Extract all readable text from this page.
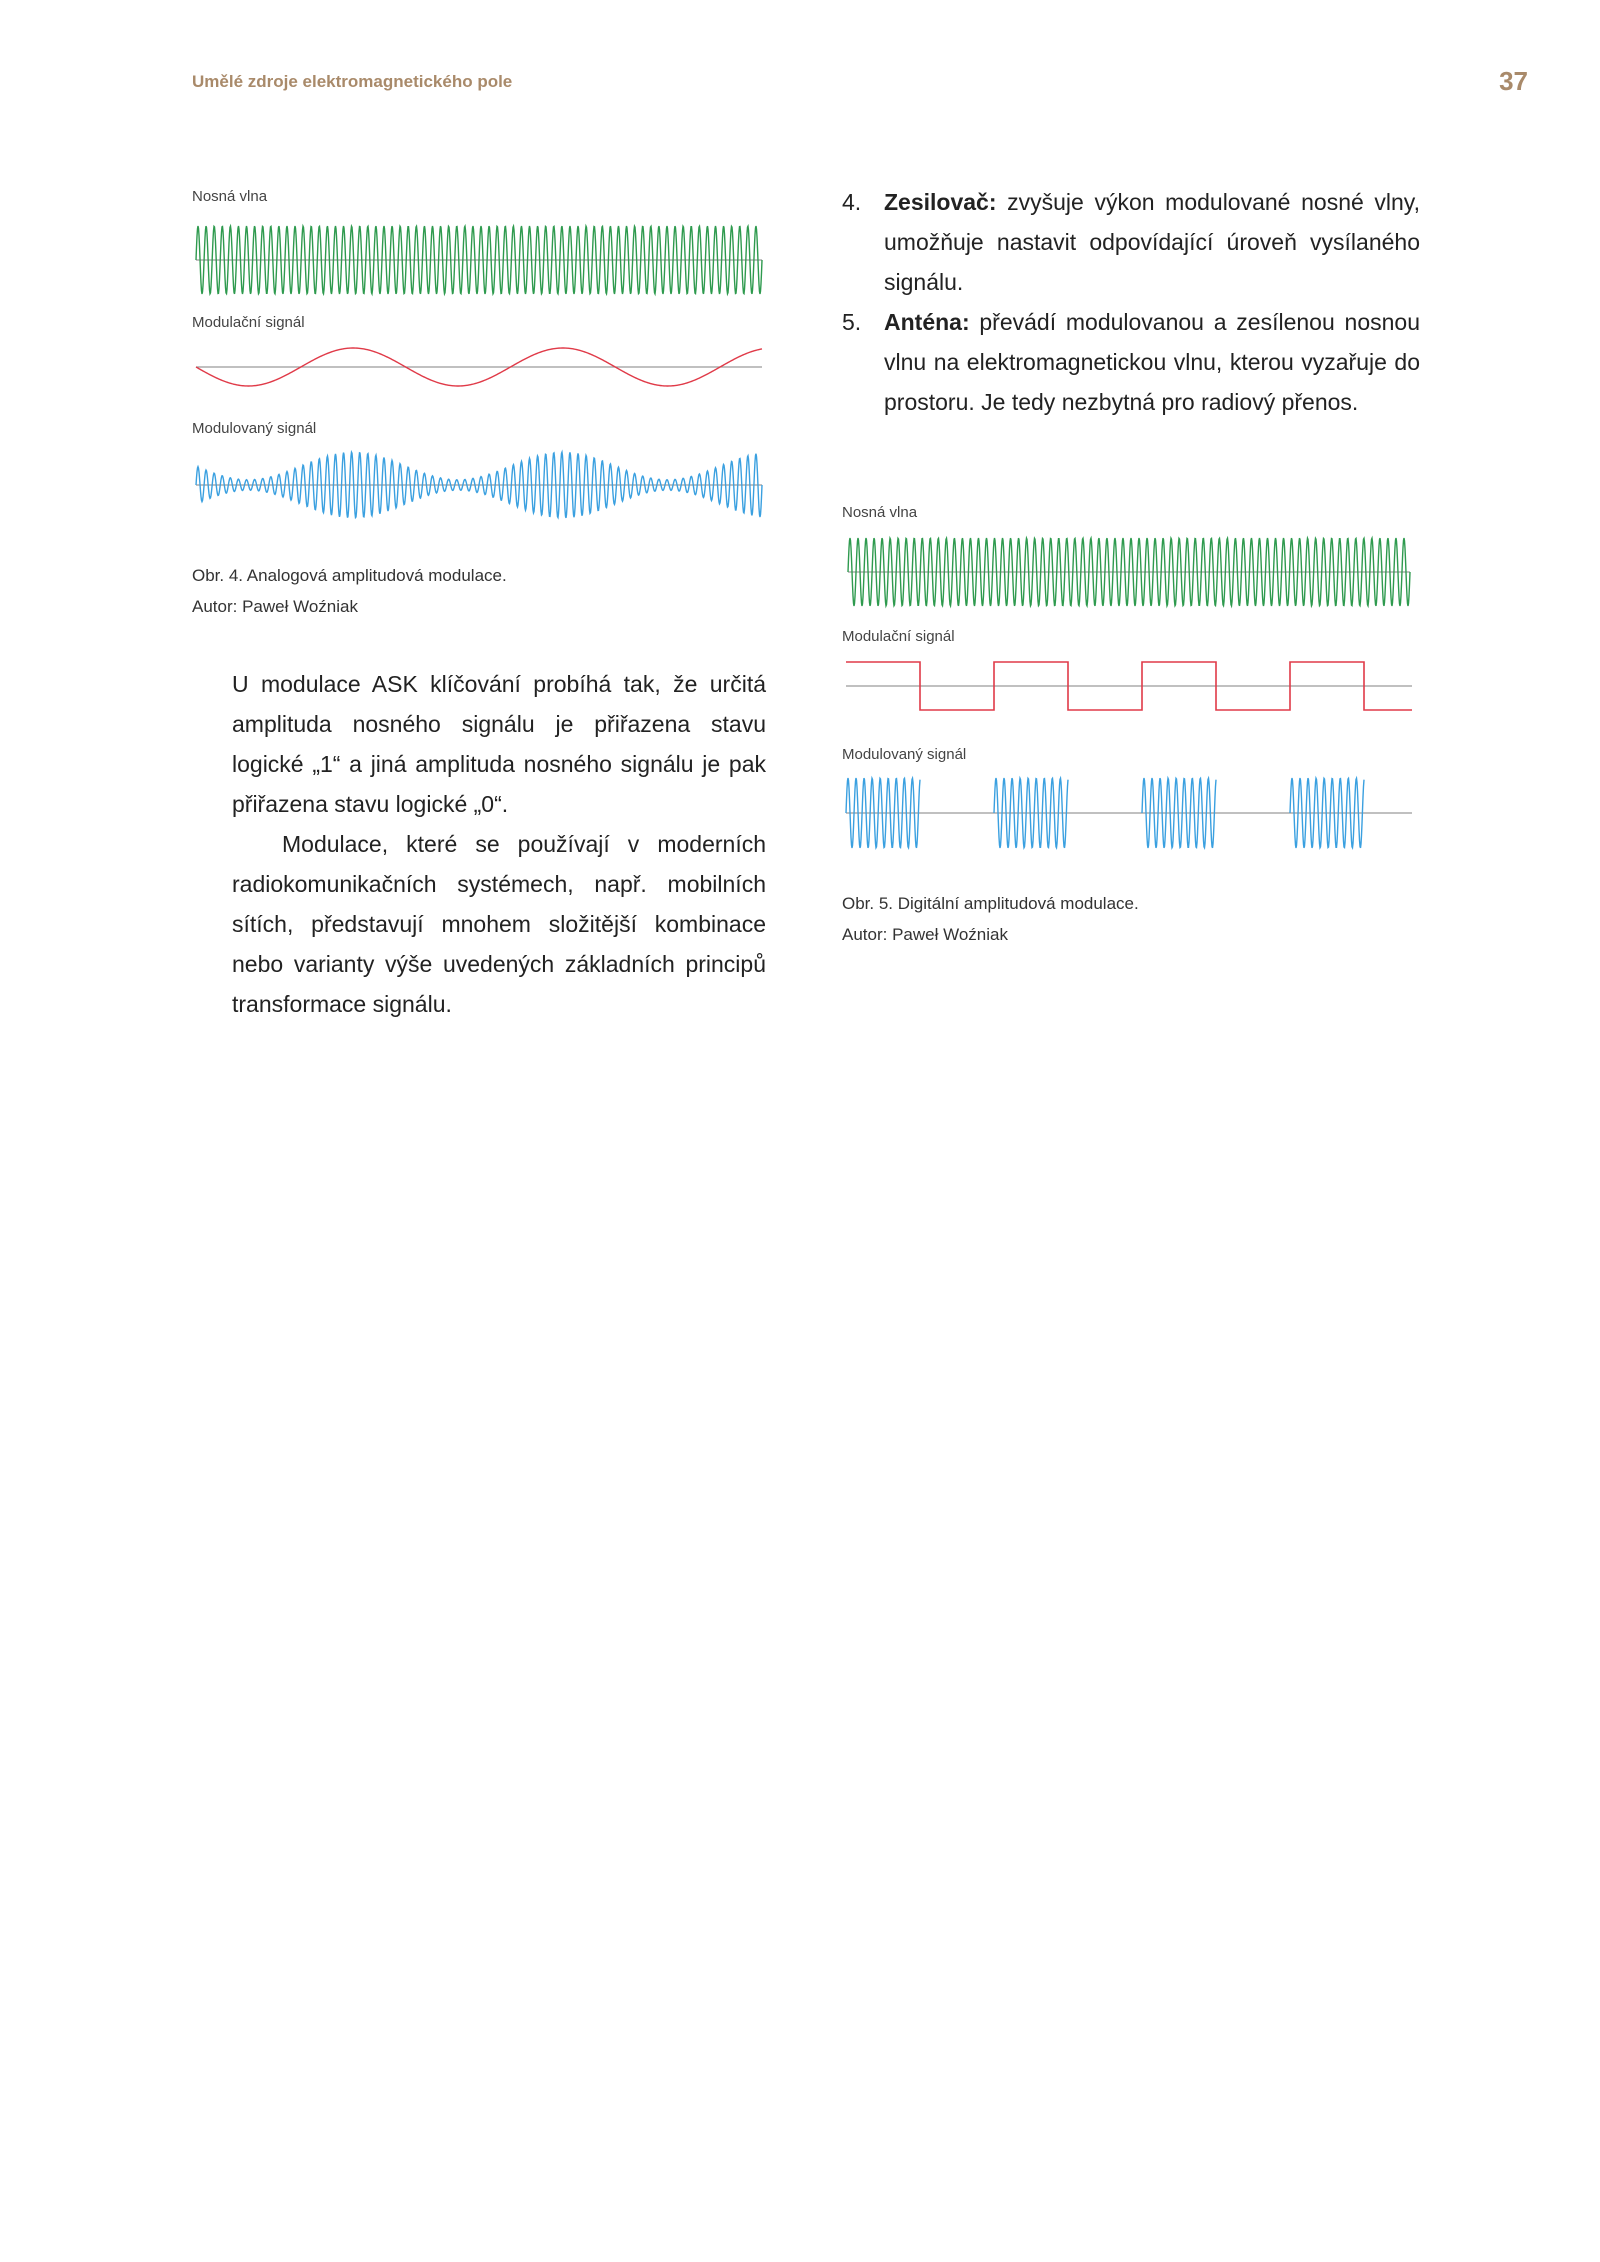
Umělé zdroje elektromagnetického pole	37
Nosná vlna
Modulační signál
Modulovaný signál
Obr. 4. Analogová amplitudová modulace.
Autor: Paweł Woźniak

U modulace ASK klíčování probíhá tak, že určitá amplituda nosného signálu je přiřazena stavu logické „1“ a jiná amplituda nosného signálu je pak přiřazena stavu logické „0“.

Modulace, které se používají v moderních radiokomunikačních systémech, např. mobilních sítích, představují mnohem složitější kombinace nebo varianty výše uvedených základních principů transformace signálu.

4. Zesilovač: zvyšuje výkon modulované nosné vlny, umožňuje nastavit odpovídající úroveň vysílaného signálu.
5. Anténa: převádí modulovanou a zesílenou nosnou vlnu na elektromagnetickou vlnu, kterou vyzařuje do prostoru. Je tedy nezbytná pro radiový přenos.
Nosná vlna
Modulační signál
Modulovaný signál
Obr. 5. Digitální amplitudová modulace.
Autor: Paweł Woźniak
